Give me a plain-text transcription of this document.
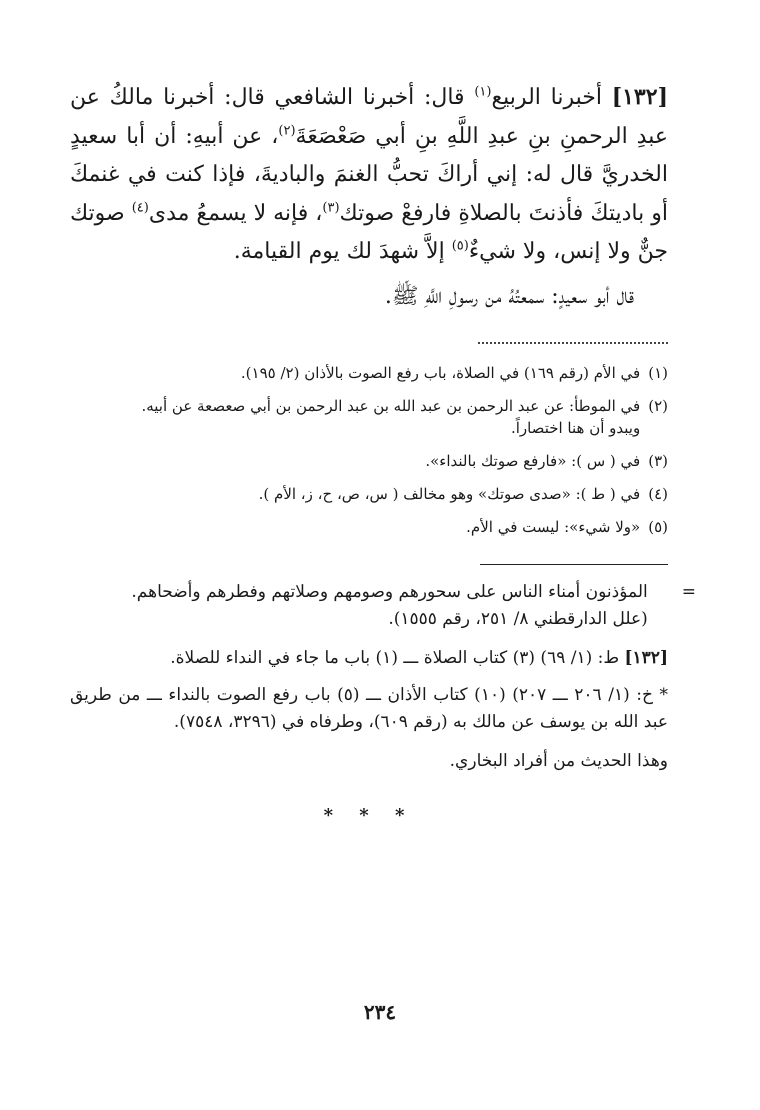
[١٣٢] أخبرنا الربيع$^{(١)}$ قال: أخبرنا الشافعي قال: أخبرنا مالكُ عن عبدِ الرحمنِ بنِ عبدِ اللَّهِ بنِ أبي صَعْصَعَةَ$^{(٢)}$، عن أبيهِ: أن أبا سعيدٍ الخدريَّ قال له: إني أراكَ تحبُّ الغنمَ والباديةَ، فإذا كنت في غنمكَ أو باديتكَ فأذنتَ بالصلاةِ فارفعْ صوتك$^{(٣)}$، فإنه لا يسمعُ مدى$^{(٤)}$ صوتك جنٌّ ولا إنس، ولا شيءٌ$^{(٥)}$ إلاَّ شهدَ لك يوم القيامة.

قال أبو سعيدٍ: سمعتُهُ من رسولِ اللَّهِ ﷺ.

(١)
في الأم (رقم ١٦٩) في الصلاة، باب رفع الصوت بالأذان (٢/ ١٩٥).
(٢)
في الموطأ: عن عبد الرحمن بن عبد الله بن عبد الرحمن بن أبي صعصعة عن أبيه.
ويبدو أن هنا اختصاراً.
(٣)
في ( س ): «فارفع صوتك بالنداء».
(٤)
في ( ط ): «صدى صوتك» وهو مخالف ( س، ص، ح، ز، الأم ).
(٥)
«ولا شيء»: ليست في الأم.
=
المؤذنون أمناء الناس على سحورهم وصومهم وصلاتهم وفطرهم وأضحاهم.
(علل الدارقطني ٨/ ٢٥١، رقم ١٥٥٥).

[١٣٢] ط: (١/ ٦٩) (٣) كتاب الصلاة ـــ (١) باب ما جاء في النداء للصلاة.

* خ: (١/ ٢٠٦ ـــ ٢٠٧) (١٠) كتاب الأذان ـــ (٥) باب رفع الصوت بالنداء ـــ من طريق عبد الله بن يوسف عن مالك به (رقم ٦٠٩)، وطرفاه في (٣٢٩٦، ٧٥٤٨).

وهذا الحديث من أفراد البخاري.

* * *
٢٣٤
